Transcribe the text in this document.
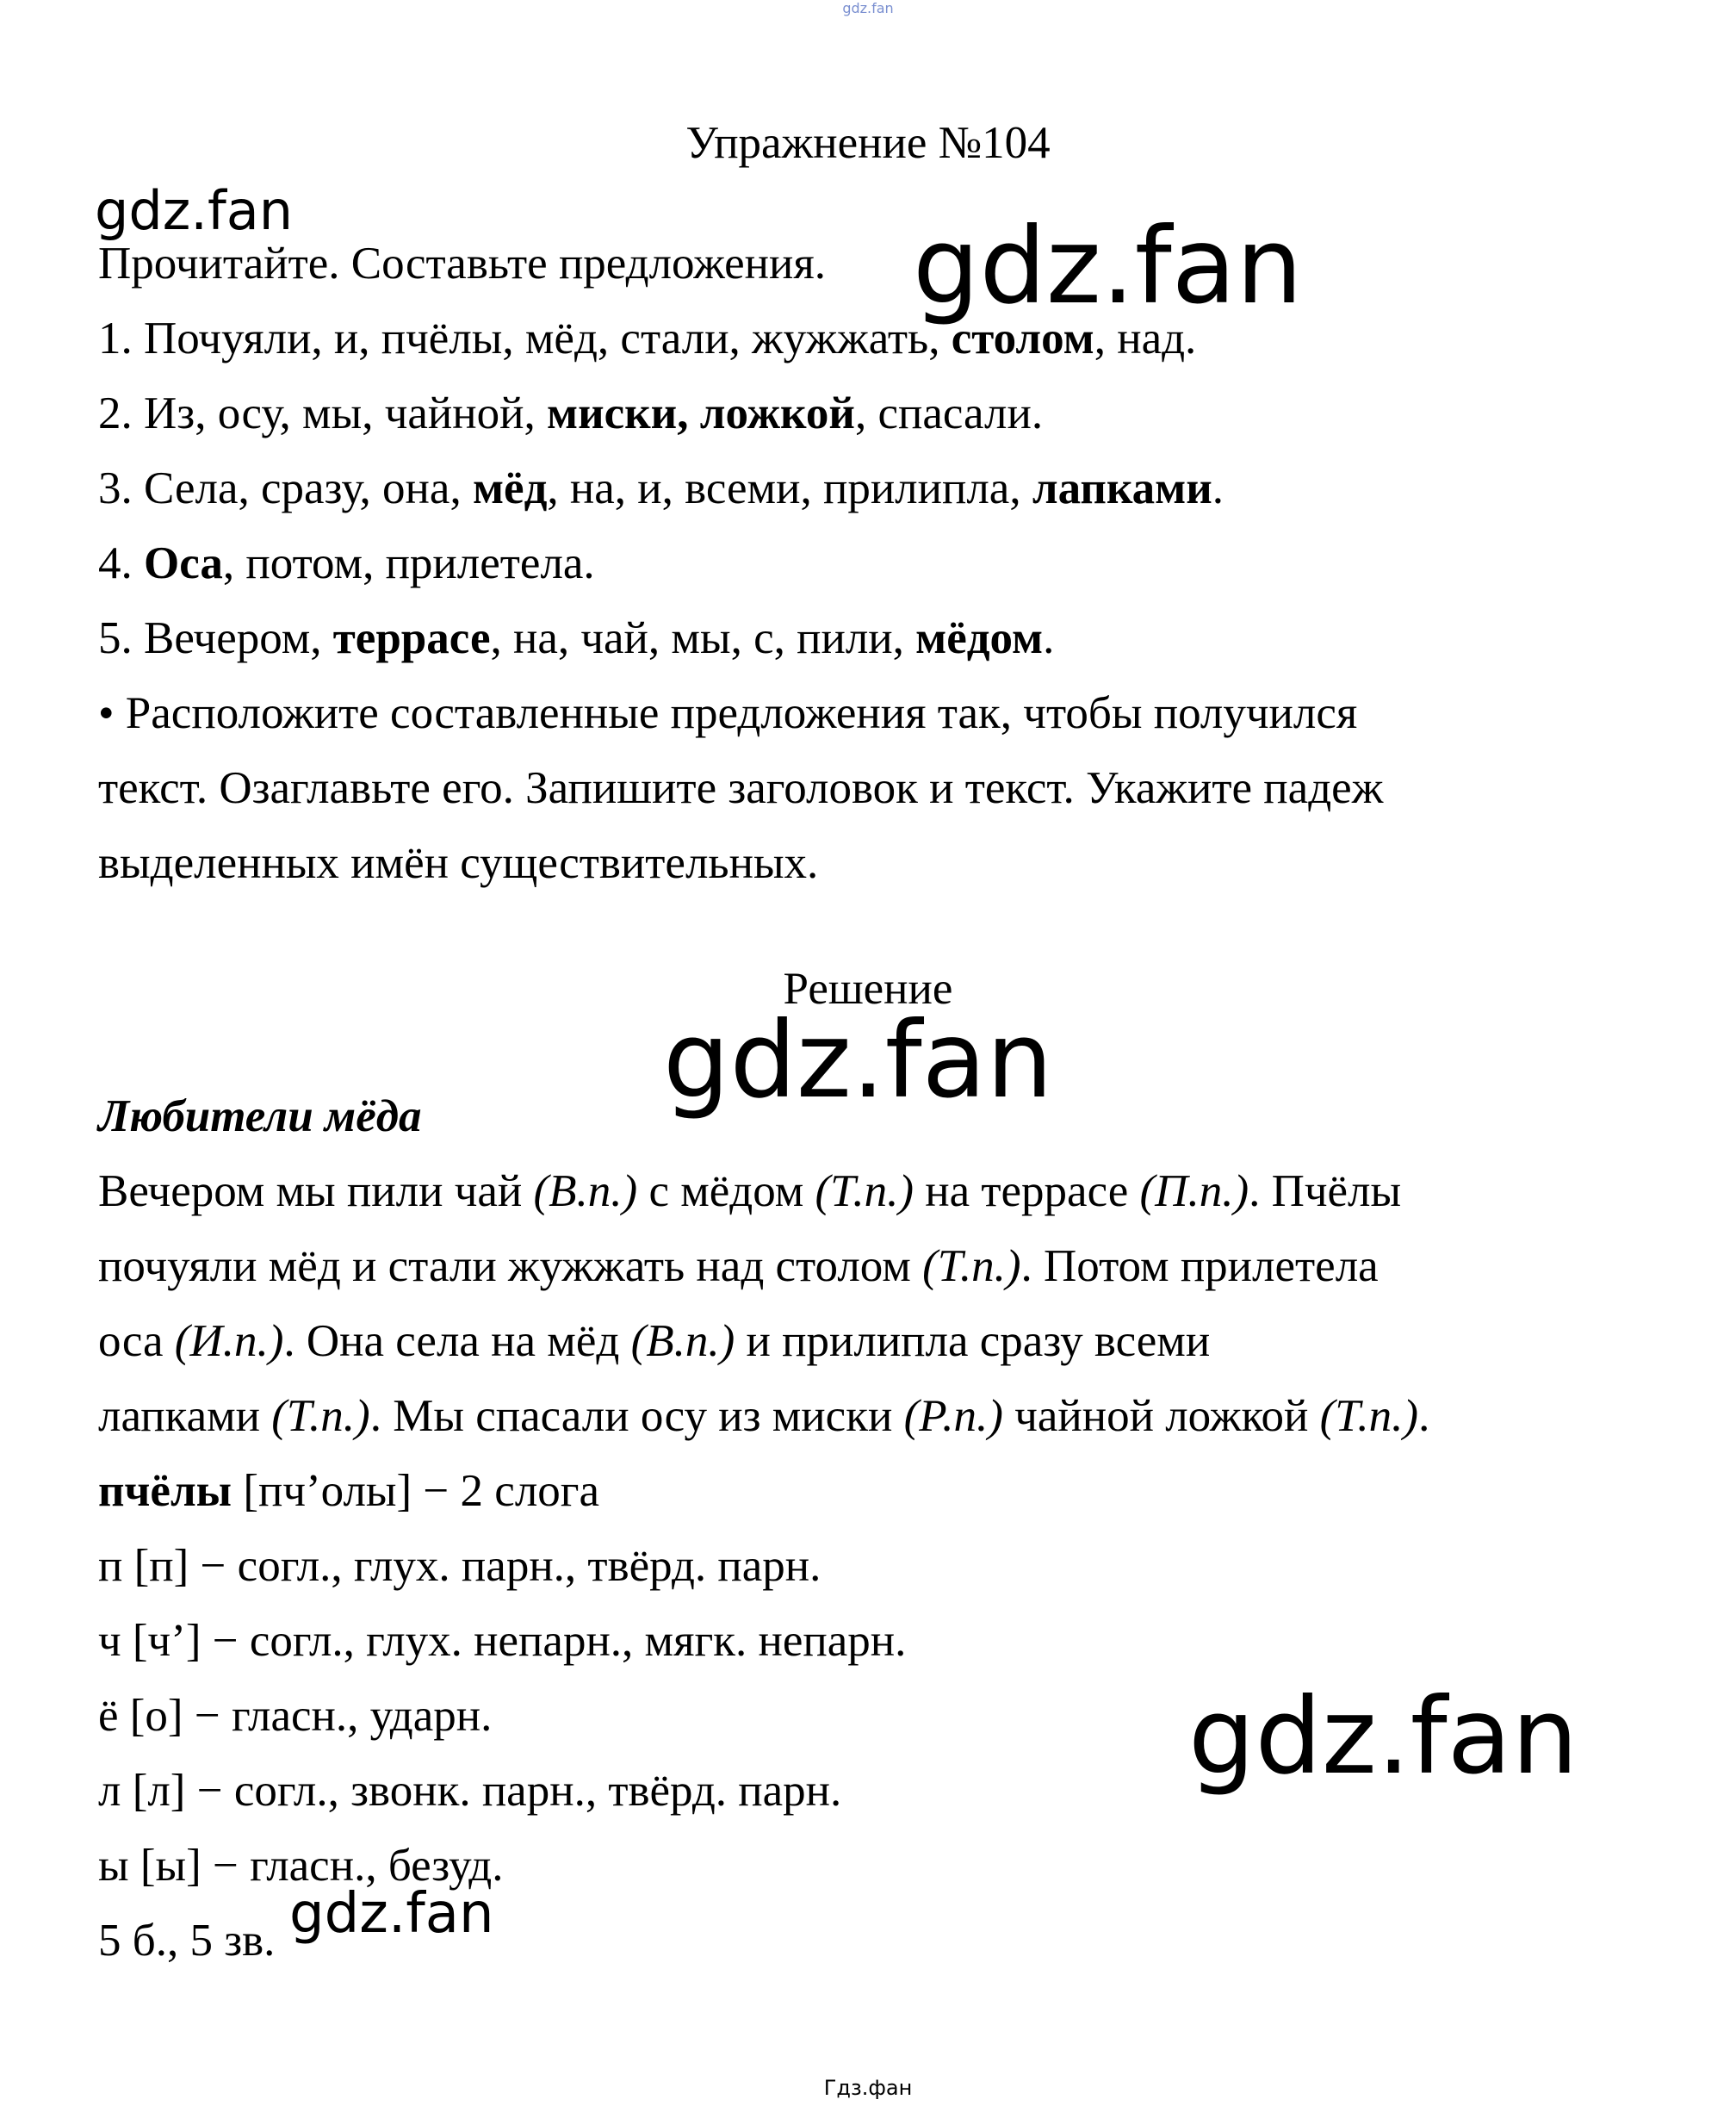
gdz.fan
Упражнение №104
gdz.fan
Прочитайте. Составьте предложения. gdz.fan
1. Почуяли, и, пчёлы, мёд, стали, жужжать, столом, над.
2. Из, осу, мы, чайной, миски, ложкой, спасали.
3. Села, сразу, она, мёд, на, и, всеми, прилипла, лапками.
4. Оса, потом, прилетела.
5. Вечером, террасе, на, чай, мы, с, пили, мёдом.
• Расположите составленные предложения так, чтобы получился
текст. Озаглавьте его. Запишите заголовок и текст. Укажите падеж
выделенных имён существительных.
Решение
gdz.fan
Любители мёда
Вечером мы пили чай (В.п.) с мёдом (Т.п.) на террасе (П.п.). Пчёлы
почуяли мёд и стали жужжать над столом (Т.п.). Потом прилетела
оса (И.п.). Она села на мёд (В.п.) и прилипла сразу всеми
лапками (Т.п.). Мы спасали осу из миски (Р.п.) чайной ложкой (Т.п.).
пчёлы [пч’олы] − 2 слога
п [п] − согл., глух. парн., твёрд. парн.
ч [ч’] − согл., глух. непарн., мягк. непарн.
ё [о] − гласн., ударн.
л [л] − согл., звонк. парн., твёрд. парн.
ы [ы] − гласн., безуд.
gdz.fan
5 б., 5 зв. gdz.fan
Гдз.фан
